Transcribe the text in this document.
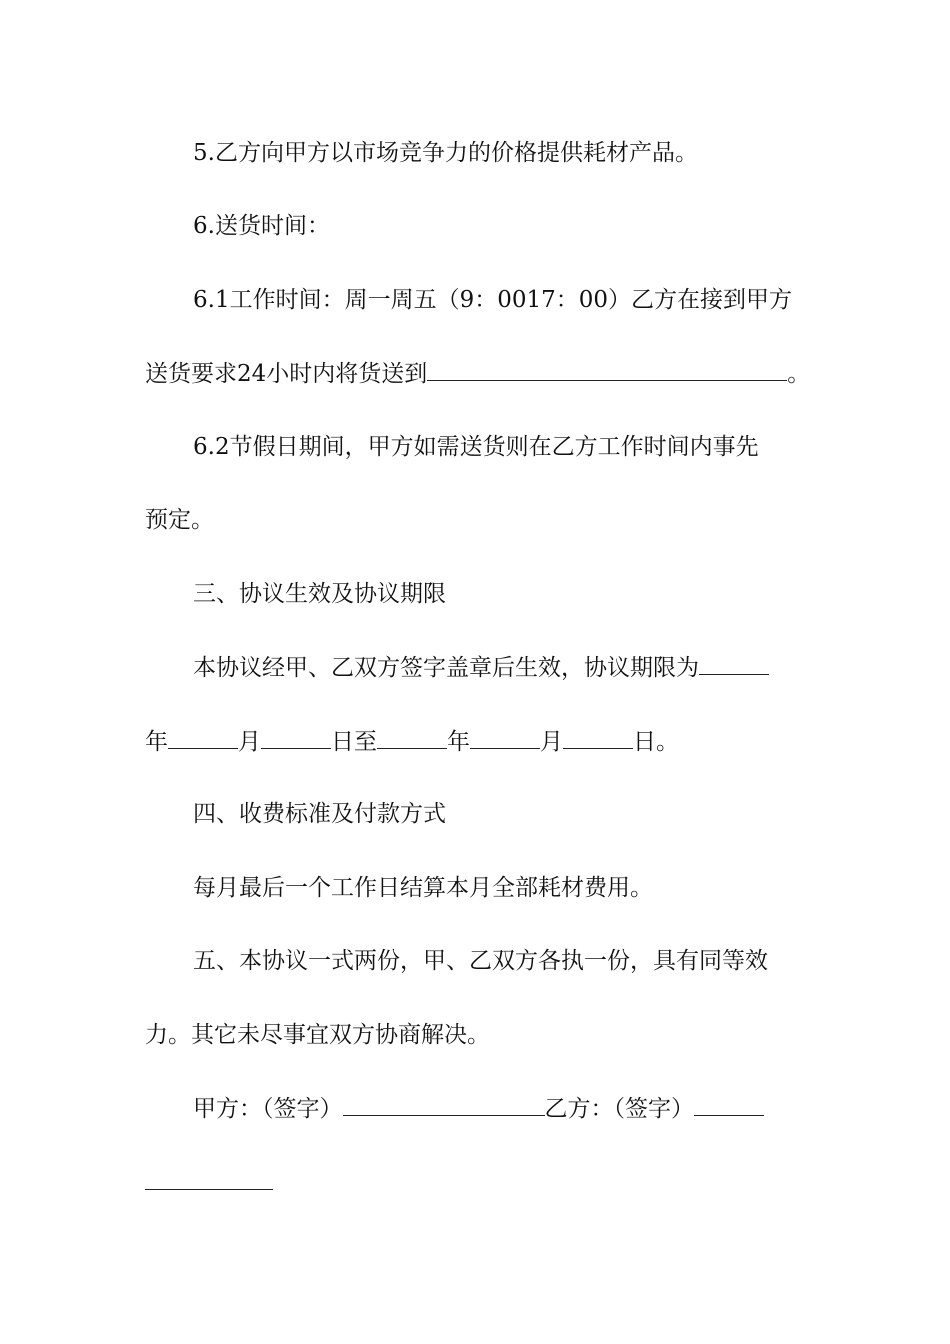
5.乙方向甲方以市场竞争力的价格提供耗材产品。
6.送货时间：
6.1工作时间：周一周五（9：0017：00）乙方在接到甲方
送货要求24小时内将货送到	。
6.2节假日期间，甲方如需送货则在乙方工作时间内事先
预定。
三、协议生效及协议期限
本协议经甲、乙双方签字盖章后生效，协议期限为
年	月	日至	年	月	日。
四、收费标准及付款方式
每月最后一个工作日结算本月全部耗材费用。
五、本协议一式两份，甲、乙双方各执一份，具有同等效
力。其它未尽事宜双方协商解决。
甲方：（签字）	乙方：（签字）
